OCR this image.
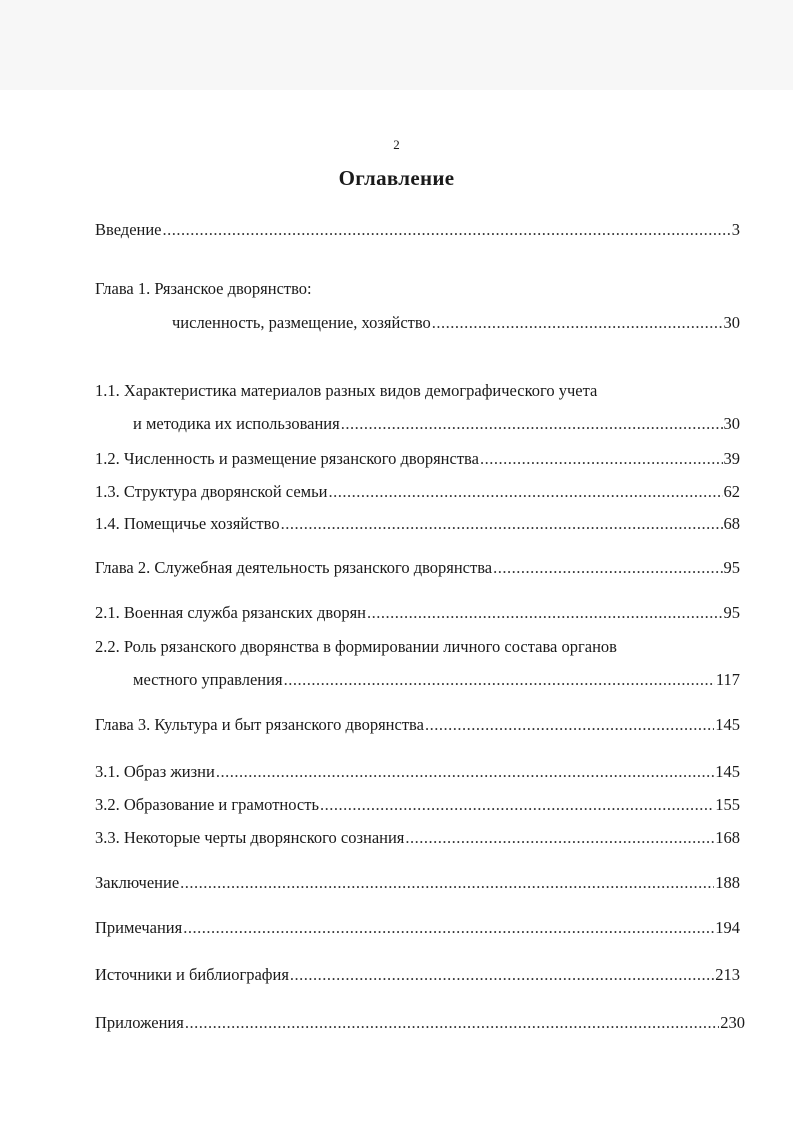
2
Оглавление
Введение .....	3
Глава 1. Рязанское дворянство:
численность, размещение, хозяйство .....	30
1.1. Характеристика материалов разных видов демографического учета
и методика их использования .....	30
1.2. Численность и размещение рязанского дворянства .....	39
1.3. Структура дворянской семьи .....	62
1.4. Помещичье хозяйство .....	68
Глава 2. Служебная деятельность рязанского дворянства .....	95
2.1. Военная служба рязанских дворян .....	95
2.2. Роль рязанского дворянства в формировании личного состава органов
местного управления .....	117
Глава 3. Культура и быт рязанского дворянства .....	145
3.1. Образ жизни .....	145
3.2. Образование и грамотность .....	155
3.3. Некоторые черты дворянского сознания .....	168
Заключение .....	188
Примечания .....	194
Источники и библиография .....	213
Приложения .....	230
